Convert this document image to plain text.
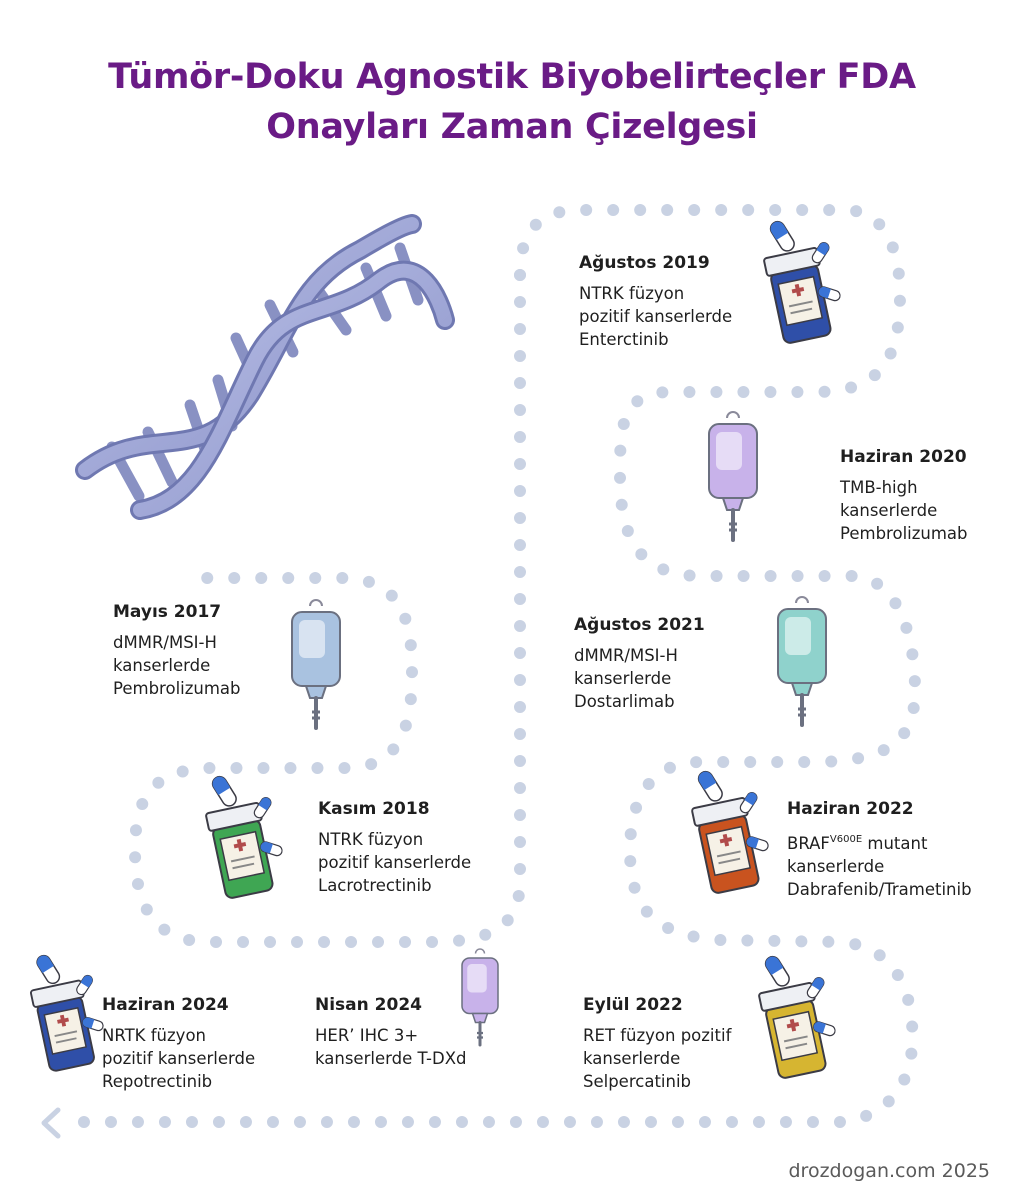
Tümör-Doku Agnostik Biyobelirteçler FDA
Onayları Zaman Çizelgesi
Mayıs 2017
dMMR/MSI-H
kanserlerde
Pembrolizumab
Kasım 2018
NTRK füzyon
pozitif kanserlerde
Lacrotrectinib
Ağustos 2019
NTRK füzyon
pozitif kanserlerde
Enterctinib
Haziran 2020
TMB-high
kanserlerde
Pembrolizumab
Ağustos 2021
dMMR/MSI-H
kanserlerde
Dostarlimab
Haziran 2022
$BRAF^{V600E}$ mutant
kanserlerde
Dabrafenib/Trametinib
Eylül 2022
RET füzyon pozitif
kanserlerde
Selpercatinib
Nisan 2024
HER’ IHC 3+
kanserlerde T-DXd
Haziran 2024
NRTK füzyon
pozitif kanserlerde
Repotrectinib
drozdogan.com 2025
